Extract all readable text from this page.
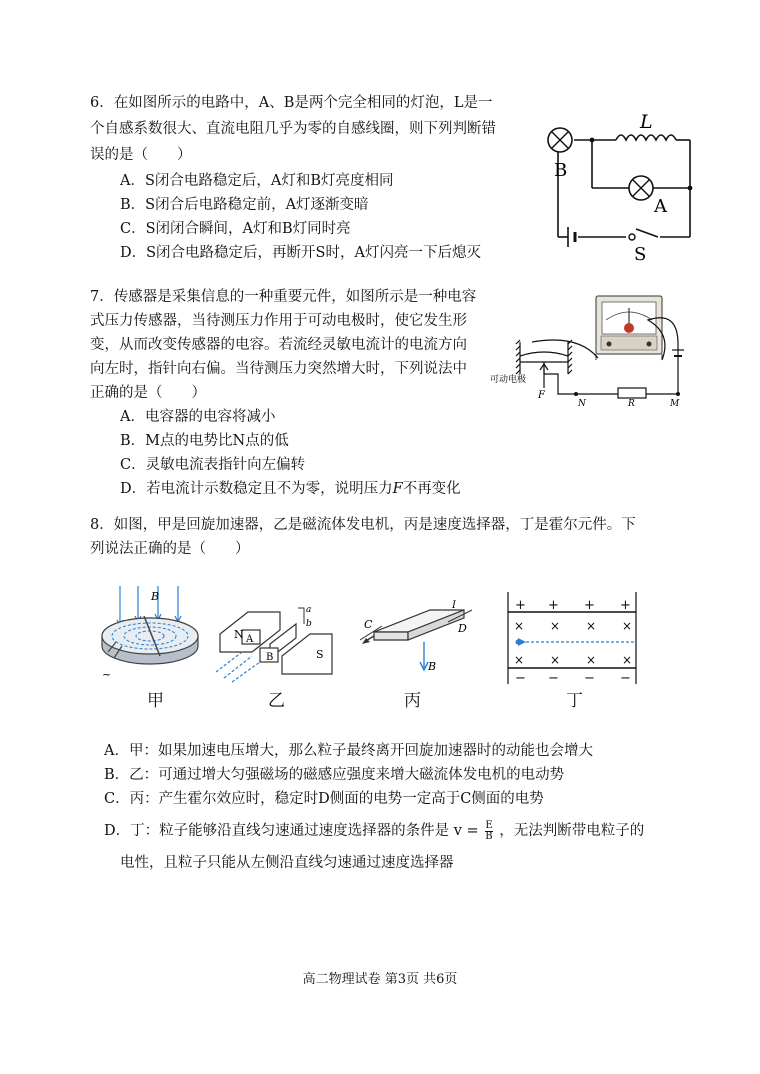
6．在如图所示的电路中，A、B是两个完全相同的灯泡，L是一
个自感系数很大、直流电阻几乎为零的自感线圈，则下列判断错
误的是（　　）
A．S闭合电路稳定后，A灯和B灯亮度相同
B．S闭合后电路稳定前，A灯逐渐变暗
C．S闭闭合瞬间，A灯和B灯同时亮
D．S闭合电路稳定后，再断开S时，A灯闪亮一下后熄灭
L
B
A
S
7．传感器是采集信息的一种重要元件，如图所示是一种电容
式压力传感器，当待测压力作用于可动电极时，使它发生形
变，从而改变传感器的电容。若流经灵敏电流计的电流方向
向左时，指针向右偏。当待测压力突然增大时，下列说法中
正确的是（　　）
A．电容器的电容将减小
B．M点的电势比N点的低
C．灵敏电流表指针向左偏转
D．若电流计示数稳定且不为零，说明压力F不再变化
可动电极
F
N	R	M
8．如图，甲是回旋加速器，乙是磁流体发电机，丙是速度选择器，丁是霍尔元件。下
列说法正确的是（　　）
B
~
N A
B	S
a
b
I
C	D
B
+ + + +
− − − −
× × × ×
× × × ×
甲	乙	丙	丁
A．甲：如果加速电压增大，那么粒子最终离开回旋加速器时的动能也会增大
B．乙：可通过增大匀强磁场的磁感应强度来增大磁流体发电机的电动势
C．丙：产生霍尔效应时，稳定时D侧面的电势一定高于C侧面的电势
D．丁：粒子能够沿直线匀速通过速度选择器的条件是 $v = \frac{E}{B}$ ，无法判断带电粒子的
电性，且粒子只能从左侧沿直线匀速通过速度选择器
高二物理试卷 第3页 共6页
